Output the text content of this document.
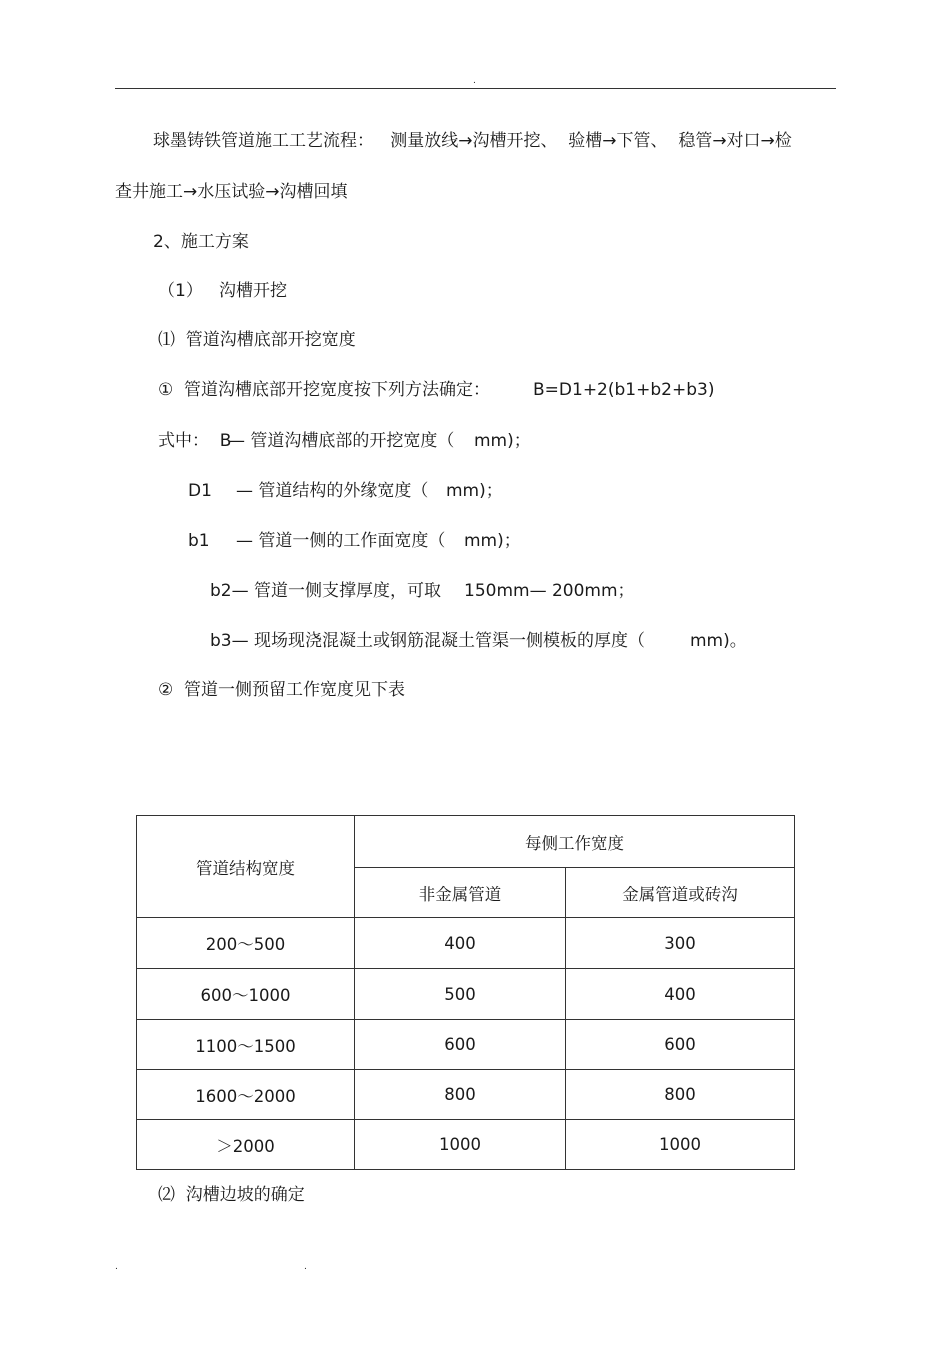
.
球墨铸铁管道施工工艺流程：   测量放线→沟槽开挖、  验槽→下管、  稳管→对口→检
查井施工→水压试验→沟槽回填
2、施工方案
（1）   沟槽开挖
⑴  管道沟槽底部开挖宽度
①  管道沟槽底部开挖宽度按下列方法确定：	B=D1+2(b1+b2+b3)
式中：  B
— 管道沟槽底部的开挖宽度（ mm)；
D1 — 管道结构的外缘宽度（ mm)；
b1 — 管道一侧的工作面宽度（ mm)；
b2— 管道一侧支撑厚度，可取 150mm— 200mm；
b3— 现场现浇混凝土或钢筋混凝土管渠一侧模板的厚度（	mm)。
②  管道一侧预留工作宽度见下表
管道结构宽度	每侧工作宽度	
	非金属管道	金属管道或砖沟
200～500	400	300
600～1000	500	400
1100～1500	600	600
1600～2000	800	800
＞2000	1000	1000
⑵  沟槽边坡的确定
.	.
